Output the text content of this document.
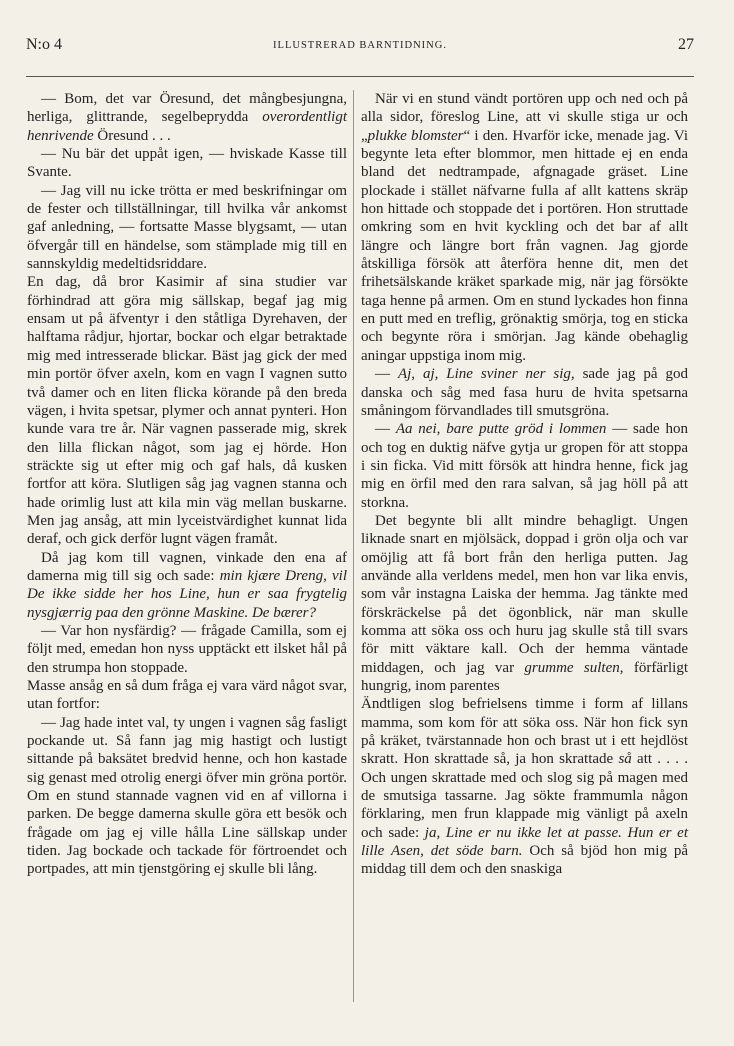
N:o 4	ILLUSTRERAD BARNTIDNING.	27

— Bom, det var Öresund, det mångbesjungna, herliga, glittrande, segelbeprydda overordentligt henrivende Öresund . . .

— Nu bär det uppåt igen, — hviskade Kasse till Svante.

— Jag vill nu icke trötta er med beskrifningar om de fester och tillställningar, till hvilka vår ankomst gaf anledning, — fortsatte Masse blygsamt, — utan öfvergår till en händelse, som stämplade mig till en sannskyldig medeltidsriddare.

En dag, då bror Kasimir af sina studier var förhindrad att göra mig sällskap, begaf jag mig ensam ut på äfventyr i den ståtliga Dyrehaven, der halftama rådjur, hjortar, bockar och elgar betraktade mig med intresserade blickar. Bäst jag gick der med min portör öfver axeln, kom en vagn I vagnen sutto två damer och en liten flicka körande på den breda vägen, i hvita spetsar, plymer och annat pynteri. Hon kunde vara tre år. När vagnen passerade mig, skrek den lilla flickan något, som jag ej hörde. Hon sträckte sig ut efter mig och gaf hals, då kusken fortfor att köra. Slutligen såg jag vagnen stanna och hade orimlig lust att kila min väg mellan buskarne. Men jag ansåg, att min lyceistvärdighet kunnat lida deraf, och gick derför lugnt vägen framåt.

Då jag kom till vagnen, vinkade den ena af damerna mig till sig och sade: min kjære Dreng, vil De ikke sidde her hos Line, hun er saa frygtelig nysgjærrig paa den grönne Maskine. De bærer?

— Var hon nysfärdig? — frågade Camilla, som ej följt med, emedan hon nyss upptäckt ett ilsket hål på den strumpa hon stoppade.

Masse ansåg en så dum fråga ej vara värd något svar, utan fortfor:

— Jag hade intet val, ty ungen i vagnen såg fasligt pockande ut. Så fann jag mig hastigt och lustigt sittande på baksätet bredvid henne, och hon kastade sig genast med otrolig energi öfver min gröna portör. Om en stund stannade vagnen vid en af villorna i parken. De begge damerna skulle göra ett besök och frågade om jag ej ville hålla Line sällskap under tiden. Jag bockade och tackade för förtroendet och portpades, att min tjenstgöring ej skulle bli lång.

När vi en stund vändt portören upp och ned och på alla sidor, föreslog Line, att vi skulle stiga ur och „plukke blomster“ i den. Hvarför icke, menade jag. Vi begynte leta efter blommor, men hittade ej en enda bland det nedtrampade, afgnagade gräset. Line plockade i stället näfvarne fulla af allt kattens skräp hon hittade och stoppade det i portören. Hon struttade omkring som en hvit kyckling och det bar af allt längre och längre bort från vagnen. Jag gjorde åtskilliga försök att återföra henne dit, men det frihetsälskande kräket sparkade mig, när jag försökte taga henne på armen. Om en stund lyckades hon finna en putt med en treflig, grönaktig smörja, tog en sticka och begynte röra i smörjan. Jag kände obehaglig aningar uppstiga inom mig.

— Aj, aj, Line sviner ner sig, sade jag på god danska och såg med fasa huru de hvita spetsarna småningom förvandlades till smutsgröna.

— Aa nei, bare putte gröd i lommen — sade hon och tog en duktig näfve gytja ur gropen för att stoppa i sin ficka. Vid mitt försök att hindra henne, fick jag mig en örfil med den rara salvan, så jag höll på att storkna.

Det begynte bli allt mindre behagligt. Ungen liknade snart en mjölsäck, doppad i grön olja och var omöjlig att få bort från den herliga putten. Jag använde alla verldens medel, men hon var lika envis, som vår instagna Laiska der hemma. Jag tänkte med förskräckelse på det ögonblick, när man skulle komma att söka oss och huru jag skulle stå till svars för mitt väktare kall. Och der hemma väntade middagen, och jag var grumme sulten, förfärligt hungrig, inom parentes

Ändtligen slog befrielsens timme i form af lillans mamma, som kom för att söka oss. När hon fick syn på kräket, tvärstannade hon och brast ut i ett hejdlöst skratt. Hon skrattade så, ja hon skrattade så att . . . . Och ungen skrattade med och slog sig på magen med de smutsiga tassarne. Jag sökte frammumla någon förklaring, men frun klappade mig vänligt på axeln och sade: ja, Line er nu ikke let at passe. Hun er et lille Asen, det söde barn. Och så bjöd hon mig på middag till dem och den snaskiga
